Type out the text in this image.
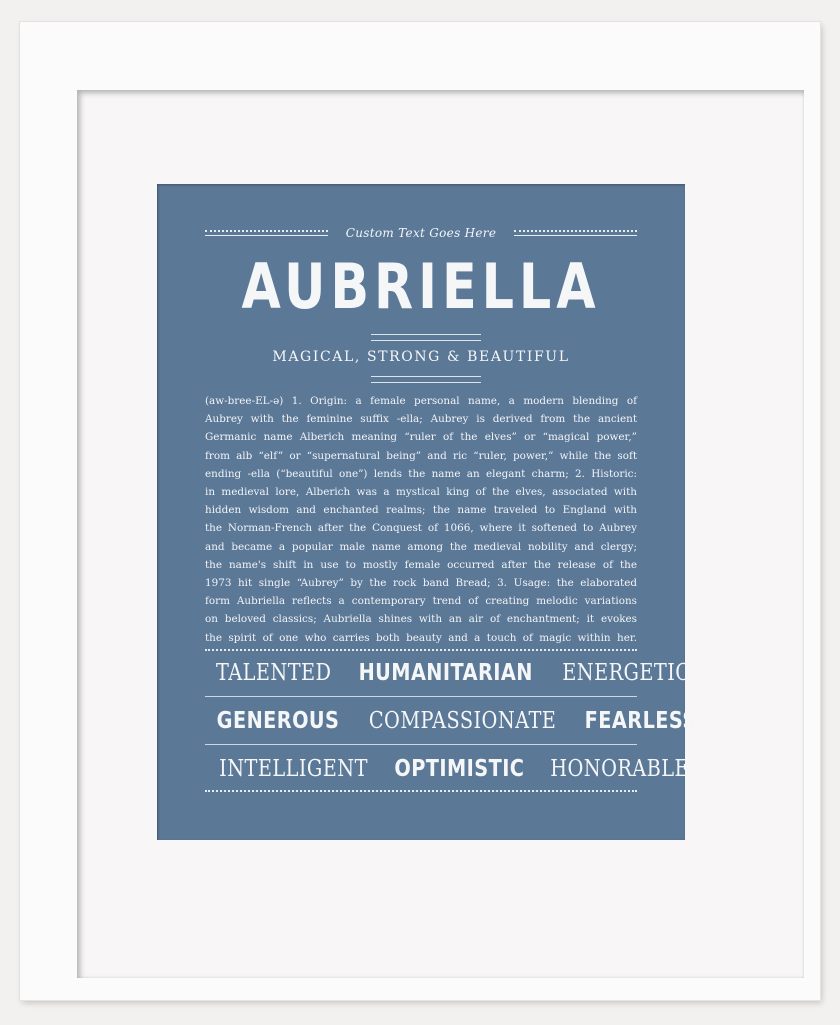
Custom Text Goes Here
AUBRIELLA
MAGICAL, STRONG & BEAUTIFUL
(aw-bree-EL-ə) 1. Origin: a female personal name, a modern blending of
Aubrey with the feminine suffix -ella; Aubrey is derived from the ancient
Germanic name Alberich meaning “ruler of the elves” or “magical power,”
from alb “elf” or “supernatural being” and ric “ruler, power,” while the soft
ending -ella (“beautiful one”) lends the name an elegant charm; 2. Historic:
in medieval lore, Alberich was a mystical king of the elves, associated with
hidden wisdom and enchanted realms; the name traveled to England with
the Norman-French after the Conquest of 1066, where it softened to Aubrey
and became a popular male name among the medieval nobility and clergy;
the name's shift in use to mostly female occurred after the release of the
1973 hit single “Aubrey” by the rock band Bread; 3. Usage: the elaborated
form Aubriella reflects a contemporary trend of creating melodic variations
on beloved classics; Aubriella shines with an air of enchantment; it evokes
the spirit of one who carries both beauty and a touch of magic within her.
TALENTED HUMANITARIAN ENERGETIC
GENEROUS COMPASSIONATE FEARLESS
INTELLIGENT OPTIMISTIC HONORABLE
